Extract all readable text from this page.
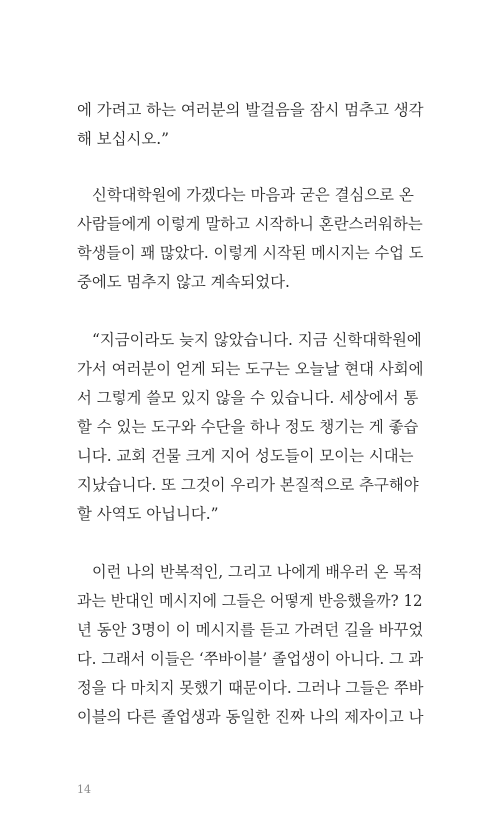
에 가려고 하는 여러분의 발걸음을 잠시 멈추고 생각
해 보십시오.”
신학대학원에 가겠다는 마음과 굳은 결심으로 온
사람들에게 이렇게 말하고 시작하니 혼란스러워하는
학생들이 꽤 많았다. 이렇게 시작된 메시지는 수업 도
중에도 멈추지 않고 계속되었다.
“지금이라도 늦지 않았습니다. 지금 신학대학원에
가서 여러분이 얻게 되는 도구는 오늘날 현대 사회에
서 그렇게 쓸모 있지 않을 수 있습니다. 세상에서 통
할 수 있는 도구와 수단을 하나 정도 챙기는 게 좋습
니다. 교회 건물 크게 지어 성도들이 모이는 시대는
지났습니다. 또 그것이 우리가 본질적으로 추구해야
할 사역도 아닙니다.”
이런 나의 반복적인, 그리고 나에게 배우러 온 목적
과는 반대인 메시지에 그들은 어떻게 반응했을까? 12
년 동안 3명이 이 메시지를 듣고 가려던 길을 바꾸었
다. 그래서 이들은 ‘쭈바이블’ 졸업생이 아니다. 그 과
정을 다 마치지 못했기 때문이다. 그러나 그들은 쭈바
이블의 다른 졸업생과 동일한 진짜 나의 제자이고 나
14
